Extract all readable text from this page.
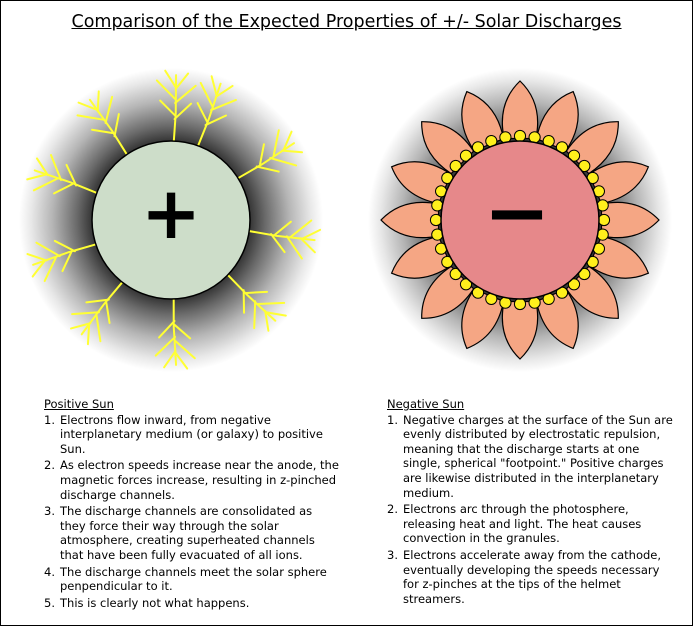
Comparison of the Expected Properties of +/- Solar Discharges
+	−
Positive Sun
1. Electrons flow inward, from negative interplanetary medium (or galaxy) to positive Sun.
2. As electron speeds increase near the anode, the magnetic forces increase, resulting in z-pinched discharge channels.
3. The discharge channels are consolidated as they force their way through the solar atmosphere, creating superheated channels that have been fully evacuated of all ions.
4. The discharge channels meet the solar sphere penpendicular to it.
5. This is clearly not what happens.
Negative Sun
1. Negative charges at the surface of the Sun are evenly distributed by electrostatic repulsion, meaning that the discharge starts at one single, spherical "footpoint." Positive charges are likewise distributed in the interplanetary medium.
2. Electrons arc through the photosphere, releasing heat and light. The heat causes convection in the granules.
3. Electrons accelerate away from the cathode, eventually developing the speeds necessary for z-pinches at the tips of the helmet streamers.
